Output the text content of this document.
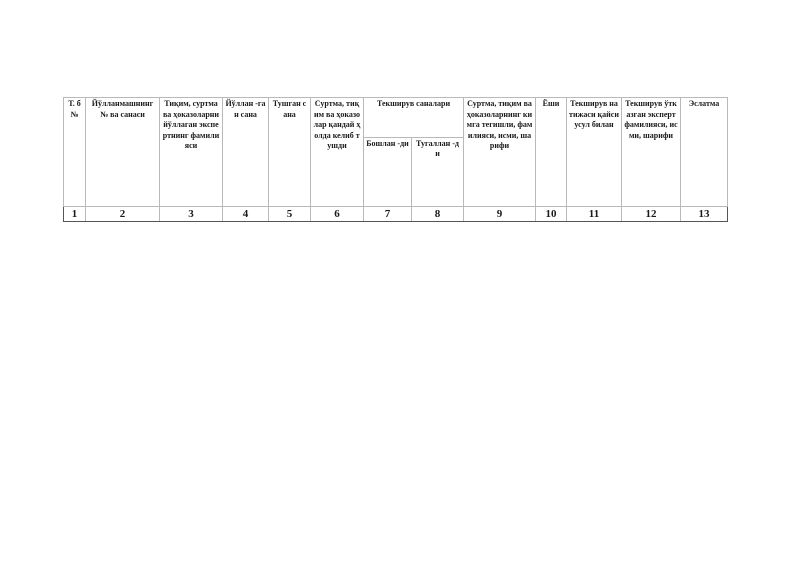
Т. б №	Йўлланмашнинг № ва санаси	Тиқим, суртма ва ҳоказоларни йўллаган экспертнинг фамилияси	Йўллан -ган сана	Тушган сана	Суртма, тиқим ва ҳоказолар қандай ҳолда келиб тушди	Текширув саналари		Суртма, тиқим ва ҳоказоларнинг кимга тегишли, фамилияси, исми, шарифи	Ёши	Текширув натижаси қайси усул билан	Текширув ўтказган эксперт фамилияси, исми, шарифи	Эслатма
						Бошлан -ди	Тугаллан -ди					
1	2	3	4	5	6	7	8	9	10	11	12	13
